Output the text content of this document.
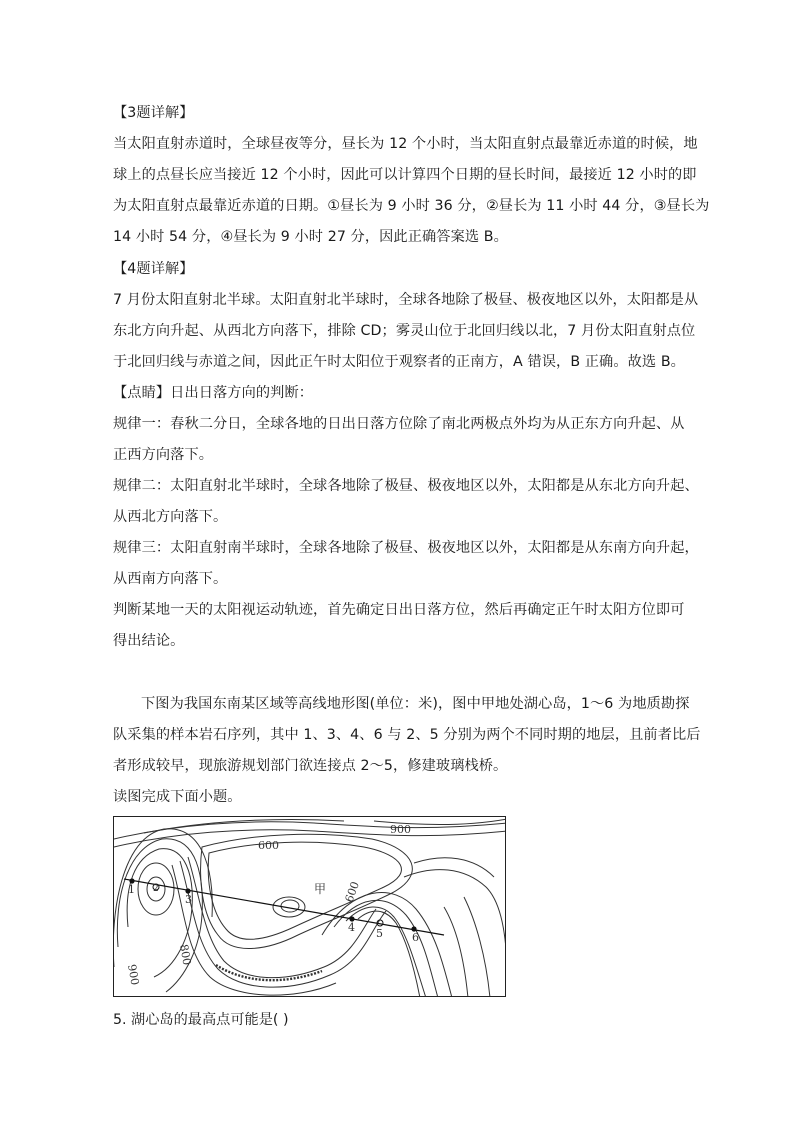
【3题详解】
当太阳直射赤道时，全球昼夜等分，昼长为 12 个小时，当太阳直射点最靠近赤道的时候，地
球上的点昼长应当接近 12 个小时，因此可以计算四个日期的昼长时间，最接近 12 小时的即
为太阳直射点最靠近赤道的日期。①昼长为 9 小时 36 分，②昼长为 11 小时 44 分，③昼长为
14 小时 54 分，④昼长为 9 小时 27 分，因此正确答案选 B。
【4题详解】
7 月份太阳直射北半球。太阳直射北半球时，全球各地除了极昼、极夜地区以外，太阳都是从
东北方向升起、从西北方向落下，排除 CD；雾灵山位于北回归线以北，7 月份太阳直射点位
于北回归线与赤道之间，因此正午时太阳位于观察者的正南方，A 错误，B 正确。故选 B。
【点睛】日出日落方向的判断：
规律一：春秋二分日，全球各地的日出日落方位除了南北两极点外均为从正东方向升起、从
正西方向落下。
规律二：太阳直射北半球时，全球各地除了极昼、极夜地区以外，太阳都是从东北方向升起、
从西北方向落下。
规律三：太阳直射南半球时，全球各地除了极昼、极夜地区以外，太阳都是从东南方向升起，
从西南方向落下。
判断某地一天的太阳视运动轨迹，首先确定日出日落方位，然后再确定正午时太阳方位即可
得出结论。
下图为我国东南某区域等高线地形图(单位：米)，图中甲地处湖心岛，1～6 为地质勘探
队采集的样本岩石序列，其中 1、3、4、6 与 2、5 分别为两个不同时期的地层，且前者比后
者形成较早，现旅游规划部门欲连接点 2～5，修建玻璃栈桥。
读图完成下面小题。
900
600
800
900
600
甲
1 2
3
4 5	6
5. 湖心岛的最高点可能是( )
